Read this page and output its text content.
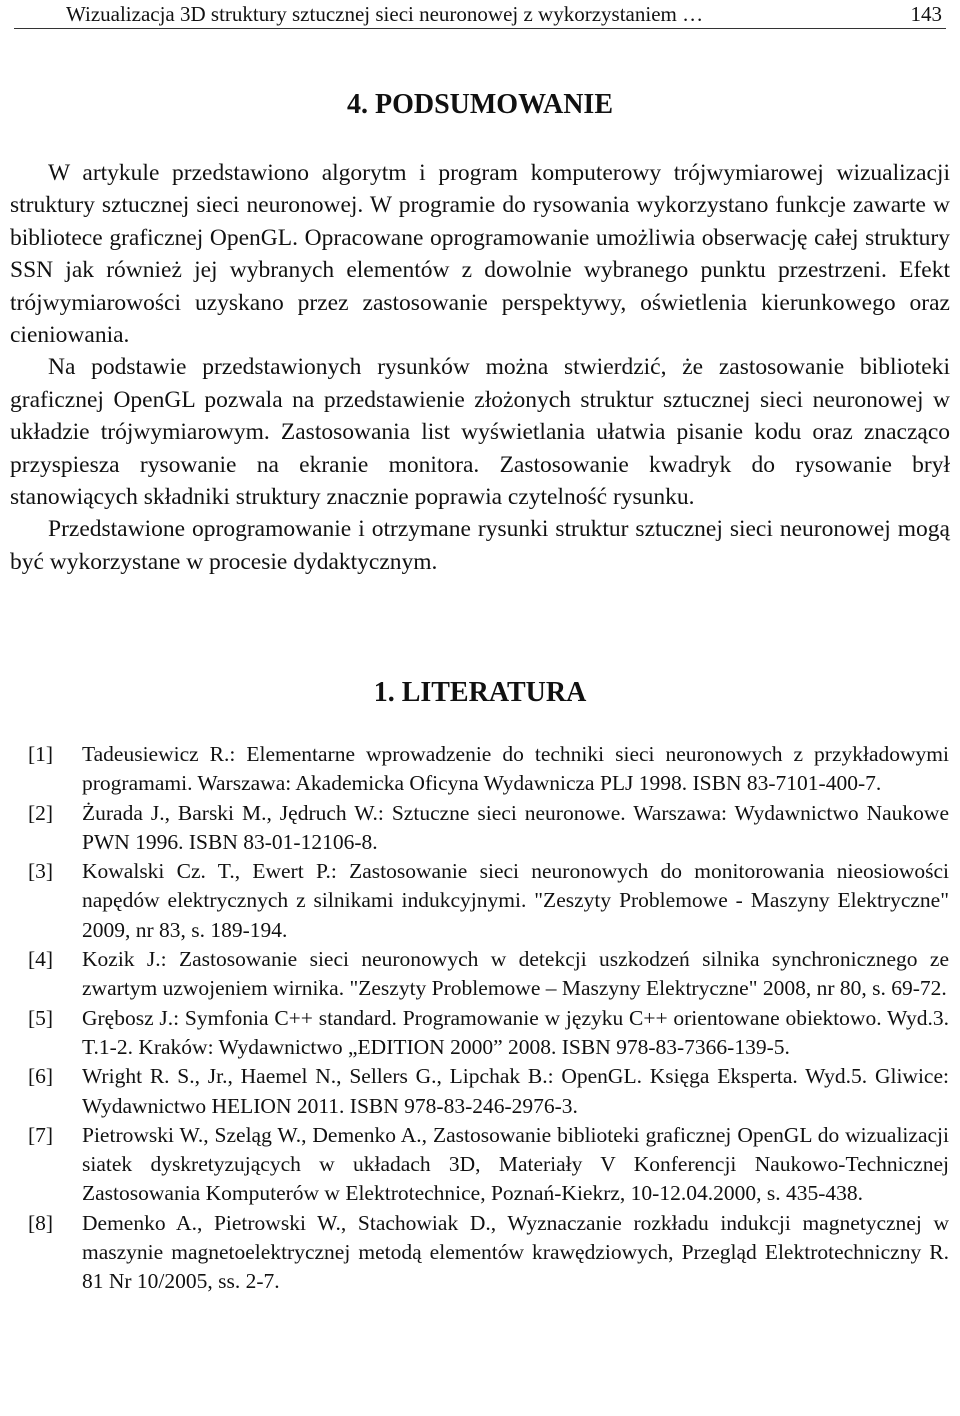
Wizualizacja 3D struktury sztucznej sieci neuronowej z wykorzystaniem …	143
4. PODSUMOWANIE

W artykule przedstawiono algorytm i program komputerowy trójwymiarowej wizualizacji struktury sztucznej sieci neuronowej. W programie do rysowania wykorzystano funkcje zawarte w bibliotece graficznej OpenGL. Opracowane oprogramowanie umożliwia obserwację całej struktury SSN jak również jej wybranych elementów z dowolnie wybranego punktu przestrzeni. Efekt trójwymiarowości uzyskano przez zastosowanie perspektywy, oświetlenia kierunkowego oraz cieniowania.

Na podstawie przedstawionych rysunków można stwierdzić, że zastosowanie biblioteki graficznej OpenGL pozwala na przedstawienie złożonych struktur sztucznej sieci neuronowej w układzie trójwymiarowym. Zastosowania list wyświetlania ułatwia pisanie kodu oraz znacząco przyspiesza rysowanie na ekranie monitora. Zastosowanie kwadryk do rysowanie brył stanowiących składniki struktury znacznie poprawia czytelność rysunku.

Przedstawione oprogramowanie i otrzymane rysunki struktur sztucznej sieci neuronowej mogą być wykorzystane w procesie dydaktycznym.

1. LITERATURA
[1] Tadeusiewicz R.: Elementarne wprowadzenie do techniki sieci neuronowych z przykładowymi programami. Warszawa: Akademicka Oficyna Wydawnicza PLJ 1998. ISBN 83-7101-400-7.
[2] Żurada J., Barski M., Jędruch W.: Sztuczne sieci neuronowe. Warszawa: Wydawnictwo Naukowe PWN 1996. ISBN 83-01-12106-8.
[3] Kowalski Cz. T., Ewert P.: Zastosowanie sieci neuronowych do monitorowania nieosiowości napędów elektrycznych z silnikami indukcyjnymi. "Zeszyty Problemowe - Maszyny Elektryczne" 2009, nr 83, s. 189-194.
[4] Kozik J.: Zastosowanie sieci neuronowych w detekcji uszkodzeń silnika synchronicznego ze zwartym uzwojeniem wirnika. "Zeszyty Problemowe – Maszyny Elektryczne" 2008, nr 80, s. 69-72.
[5] Grębosz J.: Symfonia C++ standard. Programowanie w języku C++ orientowane obiektowo. Wyd.3. T.1-2. Kraków: Wydawnictwo „EDITION 2000” 2008. ISBN 978-83-7366-139-5.
[6] Wright R. S., Jr., Haemel N., Sellers G., Lipchak B.: OpenGL. Księga Eksperta. Wyd.5. Gliwice: Wydawnictwo HELION 2011. ISBN 978-83-246-2976-3.
[7] Pietrowski W., Szeląg W., Demenko A., Zastosowanie biblioteki graficznej OpenGL do wizualizacji siatek dyskretyzujących w układach 3D, Materiały V Konferencji Naukowo-Technicznej Zastosowania Komputerów w Elektrotechnice, Poznań-Kiekrz, 10-12.04.2000, s. 435-438.
[8] Demenko A., Pietrowski W., Stachowiak D., Wyznaczanie rozkładu indukcji magnetycznej w maszynie magnetoelektrycznej metodą elementów krawędziowych, Przegląd Elektrotechniczny R. 81 Nr 10/2005, ss. 2-7.
